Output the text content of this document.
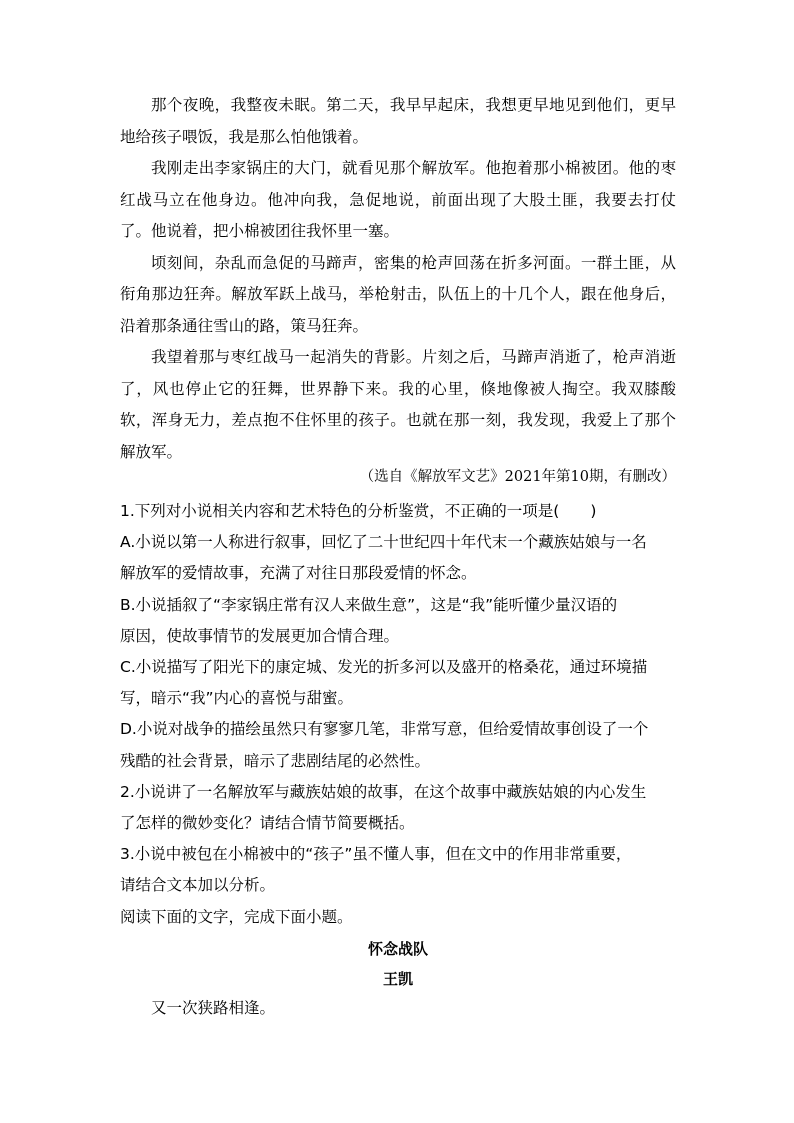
那个夜晚，我整夜未眠。第二天，我早早起床，我想更早地见到他们，更早地给孩子喂饭，我是那么怕他饿着。

我刚走出李家锅庄的大门，就看见那个解放军。他抱着那小棉被团。他的枣红战马立在他身边。他冲向我，急促地说，前面出现了大股土匪，我要去打仗了。他说着，把小棉被团往我怀里一塞。

顷刻间，杂乱而急促的马蹄声，密集的枪声回荡在折多河面。一群土匪，从衔角那边狂奔。解放军跃上战马，举枪射击，队伍上的十几个人，跟在他身后，沿着那条通往雪山的路，策马狂奔。

我望着那与枣红战马一起消失的背影。片刻之后，马蹄声消逝了，枪声消逝了，风也停止它的狂舞，世界静下来。我的心里，倏地像被人掏空。我双膝酸软，浑身无力，差点抱不住怀里的孩子。也就在那一刻，我发现，我爱上了那个解放军。

（选自《解放军文艺》2021年第10期，有删改）
1.下列对小说相关内容和艺术特色的分析鉴赏，不正确的一项是(　　)
A.小说以第一人称进行叙事，回忆了二十世纪四十年代末一个藏族姑娘与一名
解放军的爱情故事，充满了对往日那段爱情的怀念。
B.小说插叙了“李家锅庄常有汉人来做生意”，这是“我”能听懂少量汉语的
原因，使故事情节的发展更加合情合理。
C.小说描写了阳光下的康定城、发光的折多河以及盛开的格桑花，通过环境描
写，暗示“我”内心的喜悦与甜蜜。
D.小说对战争的描绘虽然只有寥寥几笔，非常写意，但给爱情故事创设了一个
残酷的社会背景，暗示了悲剧结尾的必然性。
2.小说讲了一名解放军与藏族姑娘的故事，在这个故事中藏族姑娘的内心发生
了怎样的微妙变化？请结合情节简要概括。
3.小说中被包在小棉被中的“孩子”虽不懂人事，但在文中的作用非常重要，
请结合文本加以分析。
阅读下面的文字，完成下面小题。
怀念战队
王凯
又一次狭路相逢。
